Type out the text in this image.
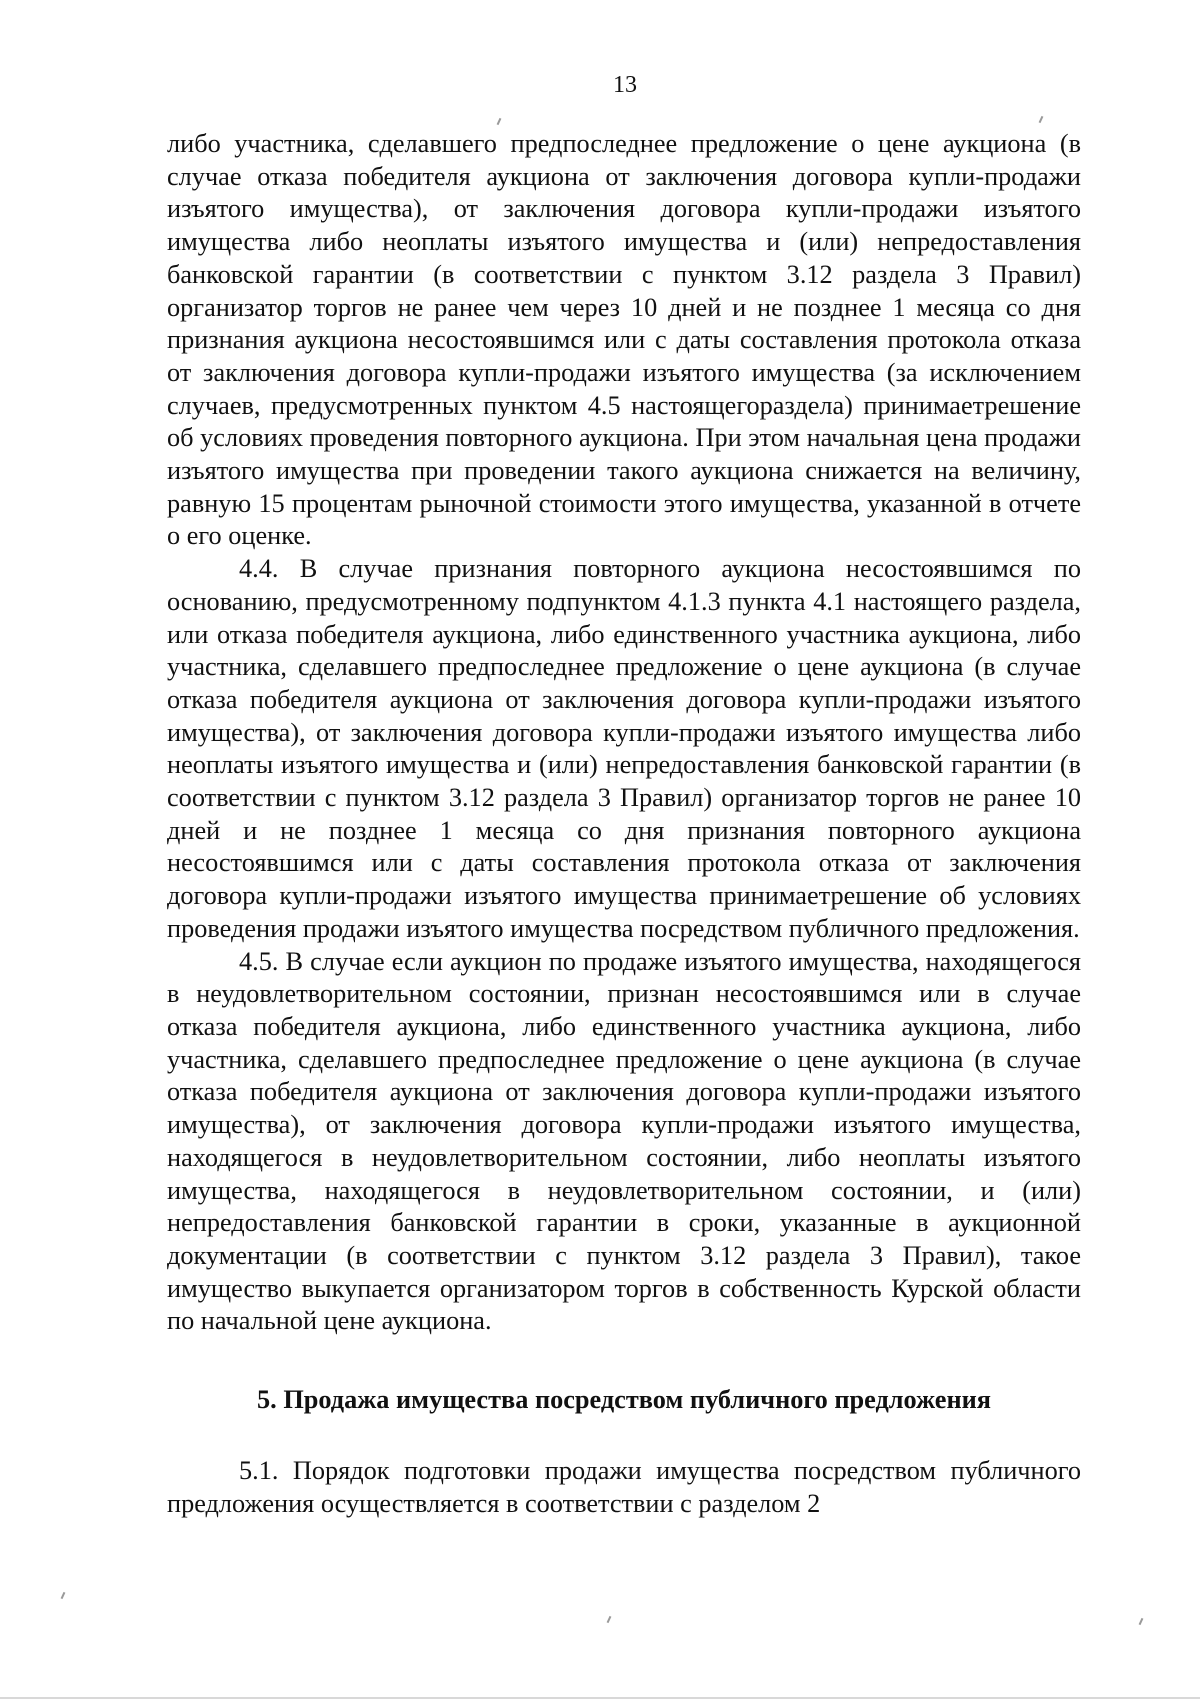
13

либо участника, сделавшего предпоследнее предложение о цене аукциона (в случае отказа победителя аукциона от заключения договора купли-продажи изъятого имущества), от заключения договора купли-продажи изъятого имущества либо неоплаты изъятого имущества и (или) непредоставления банковской гарантии (в соответствии с пунктом 3.12 раздела 3 Правил) организатор торгов не ранее чем через 10 дней и не позднее 1 месяца со дня признания аукциона несостоявшимся или с даты составления протокола отказа от заключения договора купли-продажи изъятого имущества (за исключением случаев, предусмотренных пунктом 4.5 настоящегораздела) принимаетрешение об условиях проведения повторного аукциона. При этом начальная цена продажи изъятого имущества при проведении такого аукциона снижается на величину, равную 15 процентам рыночной стоимости этого имущества, указанной в отчете о его оценке.

4.4. В случае признания повторного аукциона несостоявшимся по основанию, предусмотренному подпунктом 4.1.3 пункта 4.1 настоящего раздела, или отказа победителя аукциона, либо единственного участника аукциона, либо участника, сделавшего предпоследнее предложение о цене аукциона (в случае отказа победителя аукциона от заключения договора купли-продажи изъятого имущества), от заключения договора купли-продажи изъятого имущества либо неоплаты изъятого имущества и (или) непредоставления банковской гарантии (в соответствии с пунктом 3.12 раздела 3 Правил) организатор торгов не ранее 10 дней и не позднее 1 месяца со дня признания повторного аукциона несостоявшимся или с даты составления протокола отказа от заключения договора купли-продажи изъятого имущества принимаетрешение об условиях проведения продажи изъятого имущества посредством публичного предложения.

4.5. В случае если аукцион по продаже изъятого имущества, находящегося в неудовлетворительном состоянии, признан несостоявшимся или в случае отказа победителя аукциона, либо единственного участника аукциона, либо участника, сделавшего предпоследнее предложение о цене аукциона (в случае отказа победителя аукциона от заключения договора купли-продажи изъятого имущества), от заключения договора купли-продажи изъятого имущества, находящегося в неудовлетворительном состоянии, либо неоплаты изъятого имущества, находящегося в неудовлетворительном состоянии, и (или) непредоставления банковской гарантии в сроки, указанные в аукционной документации (в соответствии с пунктом 3.12 раздела 3 Правил), такое имущество выкупается организатором торгов в собственность Курской области по начальной цене аукциона.

5. Продажа имущества посредством публичного предложения

5.1. Порядок подготовки продажи имущества посредством публичного предложения осуществляется в соответствии с разделом 2
